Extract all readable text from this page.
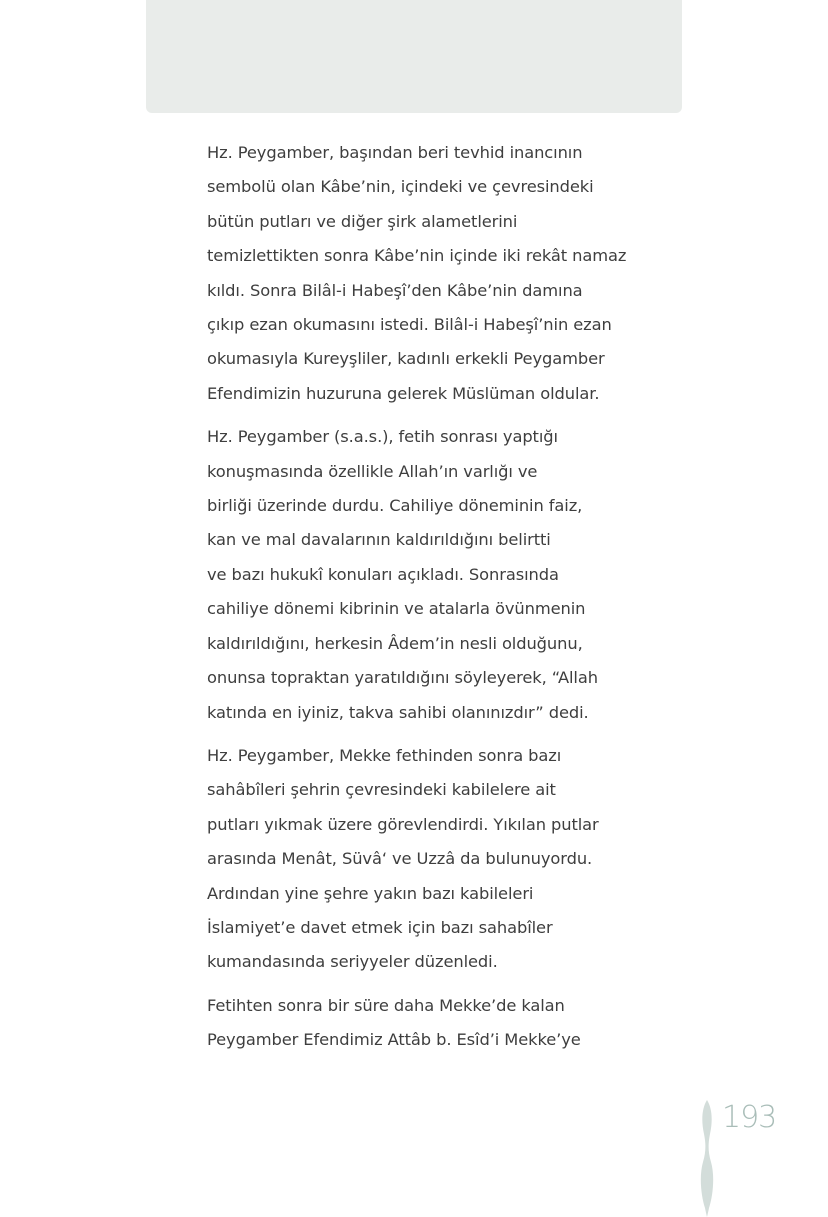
Hz. Peygamber, başından beri tevhid inancının
sembolü olan Kâbe’nin, içindeki ve çevresindeki
bütün putları ve diğer şirk alametlerini
temizlettikten sonra Kâbe’nin içinde iki rekât namaz
kıldı. Sonra Bilâl-i Habeşî’den Kâbe’nin damına
çıkıp ezan okumasını istedi. Bilâl-i Habeşî’nin ezan
okumasıyla Kureyşliler, kadınlı erkekli Peygamber
Efendimizin huzuruna gelerek Müslüman oldular.

Hz. Peygamber (s.a.s.), fetih sonrası yaptığı
konuşmasında özellikle Allah’ın varlığı ve
birliği üzerinde durdu. Cahiliye döneminin faiz,
kan ve mal davalarının kaldırıldığını belirtti
ve bazı hukukî konuları açıkladı. Sonrasında
cahiliye dönemi kibrinin ve atalarla övünmenin
kaldırıldığını, herkesin Âdem’in nesli olduğunu,
onunsa topraktan yaratıldığını söyleyerek, “Allah
katında en iyiniz, takva sahibi olanınızdır” dedi.

Hz. Peygamber, Mekke fethinden sonra bazı
sahâbîleri şehrin çevresindeki kabilelere ait
putları yıkmak üzere görevlendirdi. Yıkılan putlar
arasında Menât, Süvâ‘ ve Uzzâ da bulunuyordu.
Ardından yine şehre yakın bazı kabileleri
İslamiyet’e davet etmek için bazı sahabîler
kumandasında seriyyeler düzenledi.

Fetihten sonra bir süre daha Mekke’de kalan
Peygamber Efendimiz Attâb b. Esîd’i Mekke’ye

193
